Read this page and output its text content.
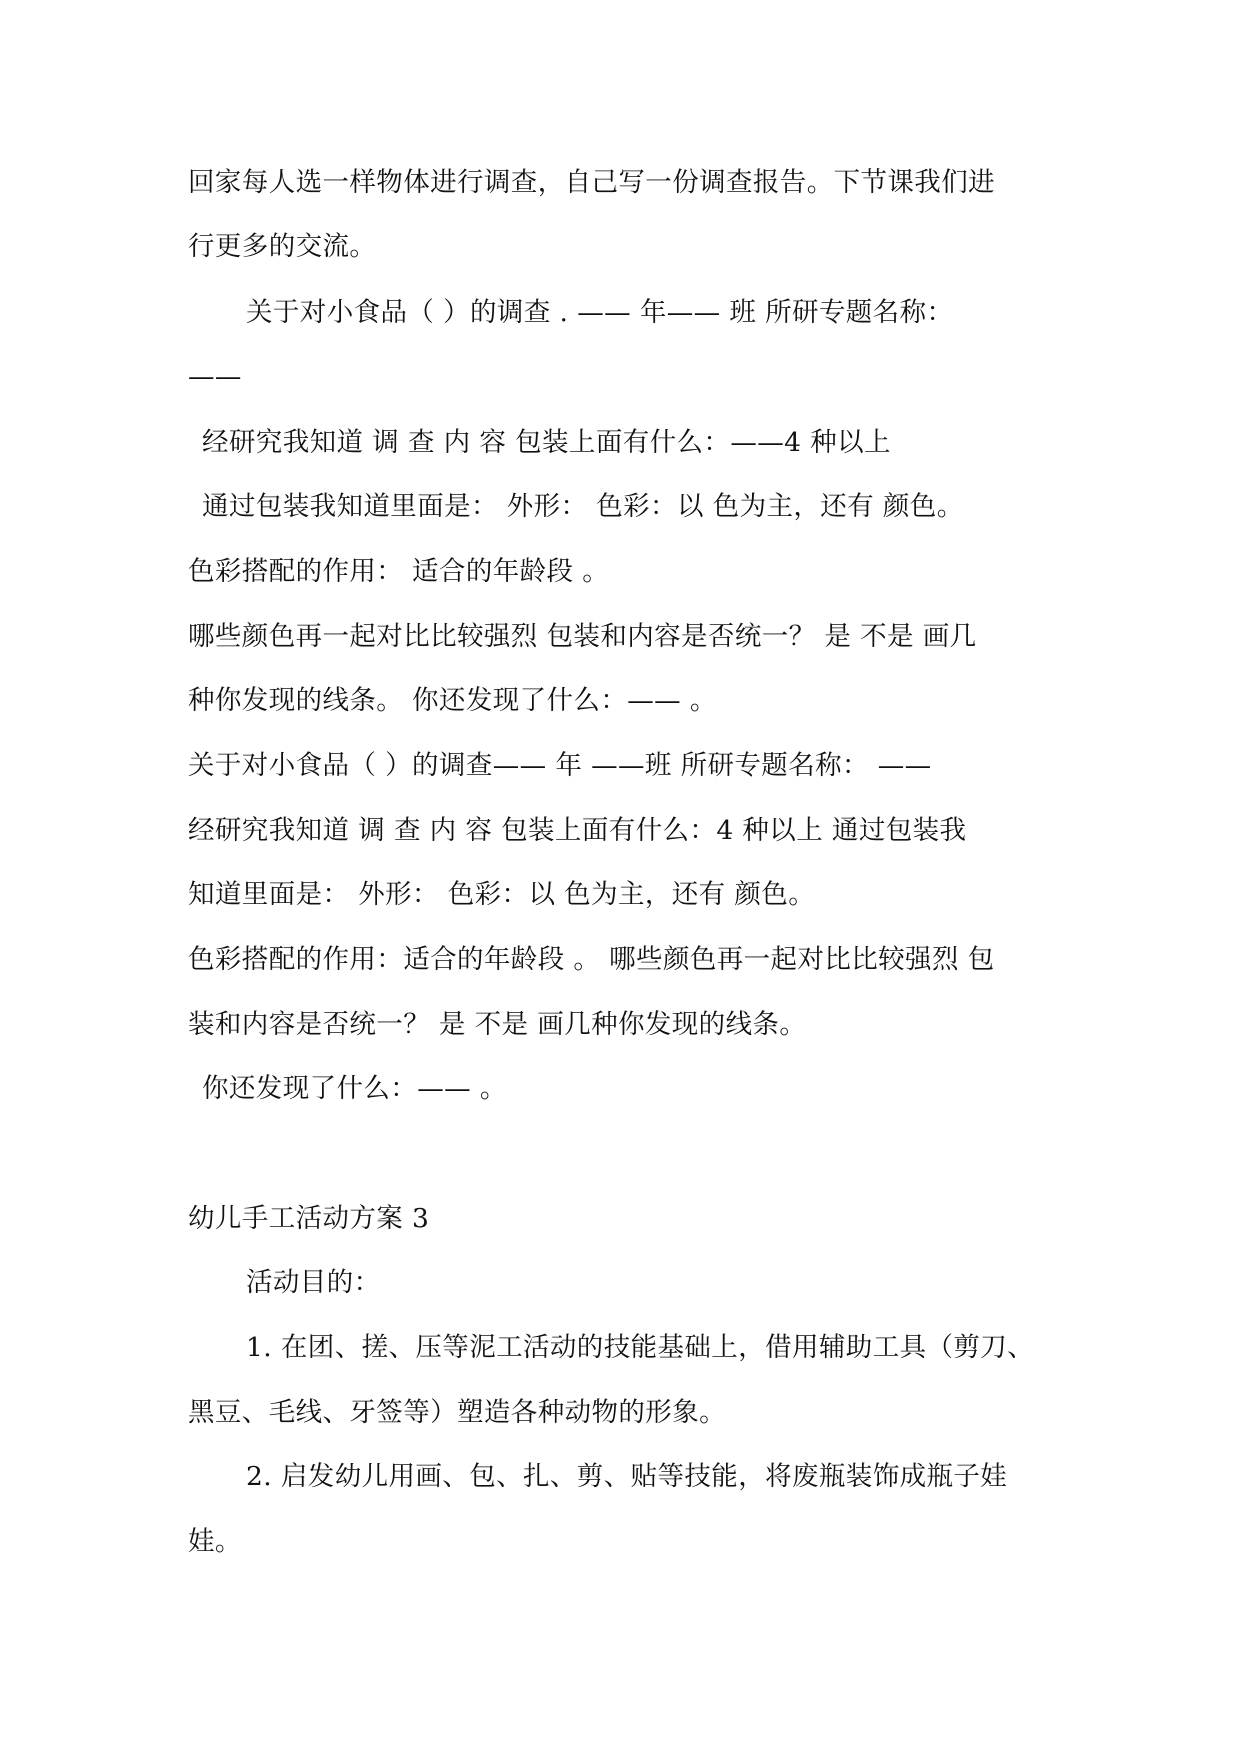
回家每人选一样物体进行调查，自己写一份调查报告。下节课我们进
行更多的交流。
关于对小食品（ ）的调查 . —— 年—— 班 所研专题名称：
——
经研究我知道 调 查 内 容 包装上面有什么：——4 种以上
通过包装我知道里面是： 外形： 色彩：以 色为主，还有 颜色。
色彩搭配的作用： 适合的年龄段 。
哪些颜色再一起对比比较强烈 包装和内容是否统一？ 是 不是 画几
种你发现的线条。 你还发现了什么：—— 。
关于对小食品（ ）的调查—— 年 ——班 所研专题名称： ——
经研究我知道 调 查 内 容 包装上面有什么：4 种以上 通过包装我
知道里面是： 外形： 色彩：以 色为主，还有 颜色。
色彩搭配的作用：适合的年龄段 。 哪些颜色再一起对比比较强烈 包
装和内容是否统一？ 是 不是 画几种你发现的线条。
你还发现了什么：—— 。
幼儿手工活动方案 3
活动目的：
1. 在团、搓、压等泥工活动的技能基础上，借用辅助工具（剪刀、
黑豆、毛线、牙签等）塑造各种动物的形象。
2. 启发幼儿用画、包、扎、剪、贴等技能，将废瓶装饰成瓶子娃
娃。
